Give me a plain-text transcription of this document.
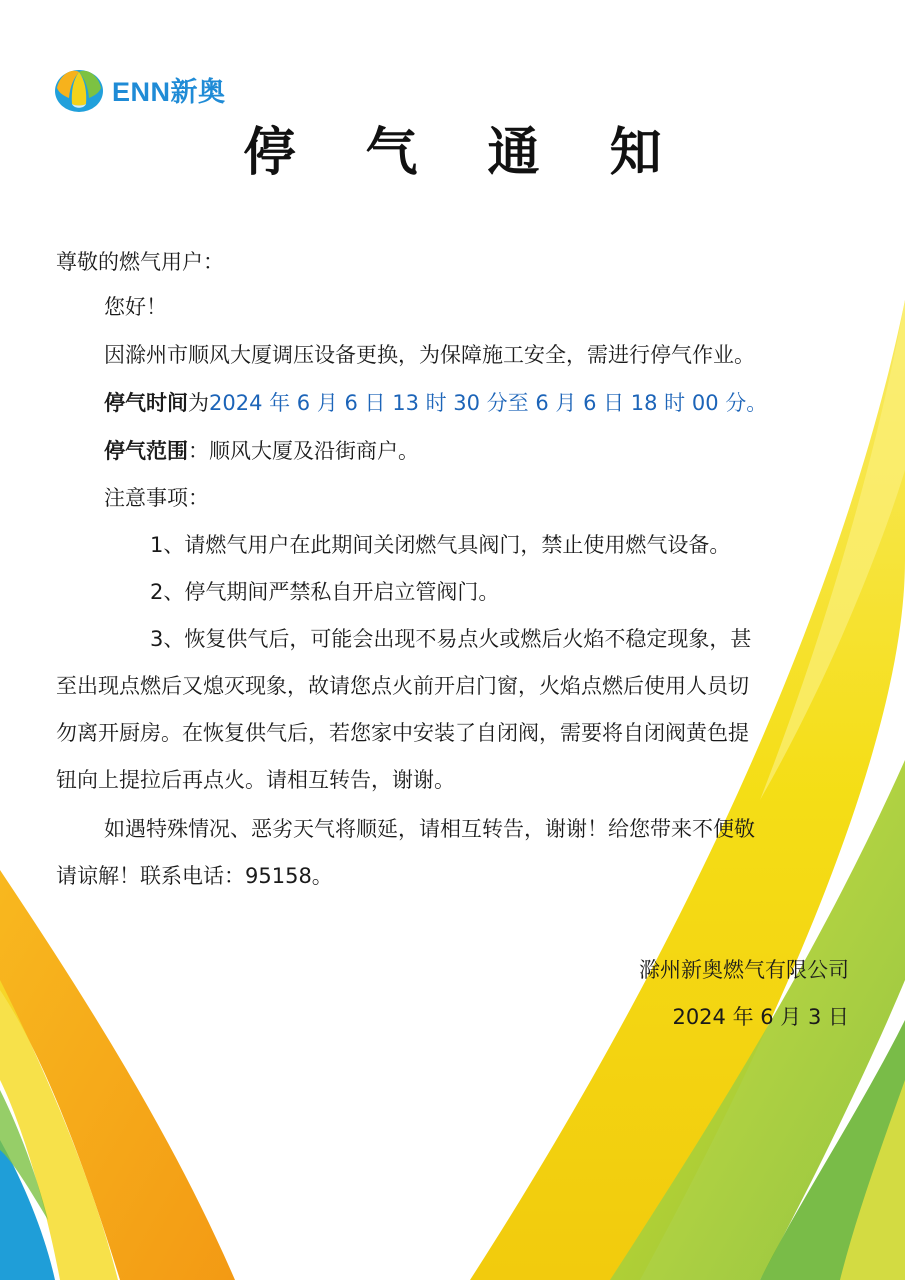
ENN新奥
停 气 通 知
尊敬的燃气用户：
您好！
因滁州市顺风大厦调压设备更换，为保障施工安全，需进行停气作业。
停气时间为2024 年 6 月 6 日 13 时 30 分至 6 月 6 日 18 时 00 分。
停气范围：顺风大厦及沿街商户。
注意事项：
1、请燃气用户在此期间关闭燃气具阀门，禁止使用燃气设备。
2、停气期间严禁私自开启立管阀门。
3、恢复供气后，可能会出现不易点火或燃后火焰不稳定现象，甚
至出现点燃后又熄灭现象，故请您点火前开启门窗，火焰点燃后使用人员切
勿离开厨房。在恢复供气后，若您家中安装了自闭阀，需要将自闭阀黄色提
钮向上提拉后再点火。请相互转告，谢谢。
如遇特殊情况、恶劣天气将顺延，请相互转告，谢谢！给您带来不便敬
请谅解！联系电话：95158。
滁州新奥燃气有限公司
2024 年 6 月 3 日
